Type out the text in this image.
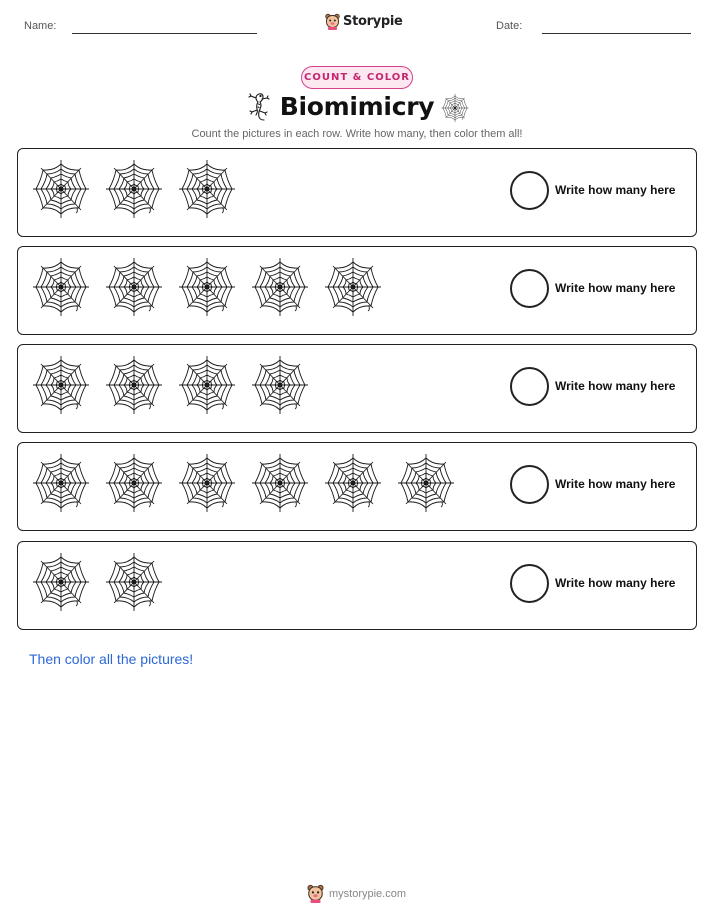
Name:	Storypie	Date:
COUNT & COLOR
Biomimicry
Count the pictures in each row. Write how many, then color them all!
Write how many here
Write how many here
Write how many here
Write how many here
Write how many here
Then color all the pictures!
mystorypie.com
